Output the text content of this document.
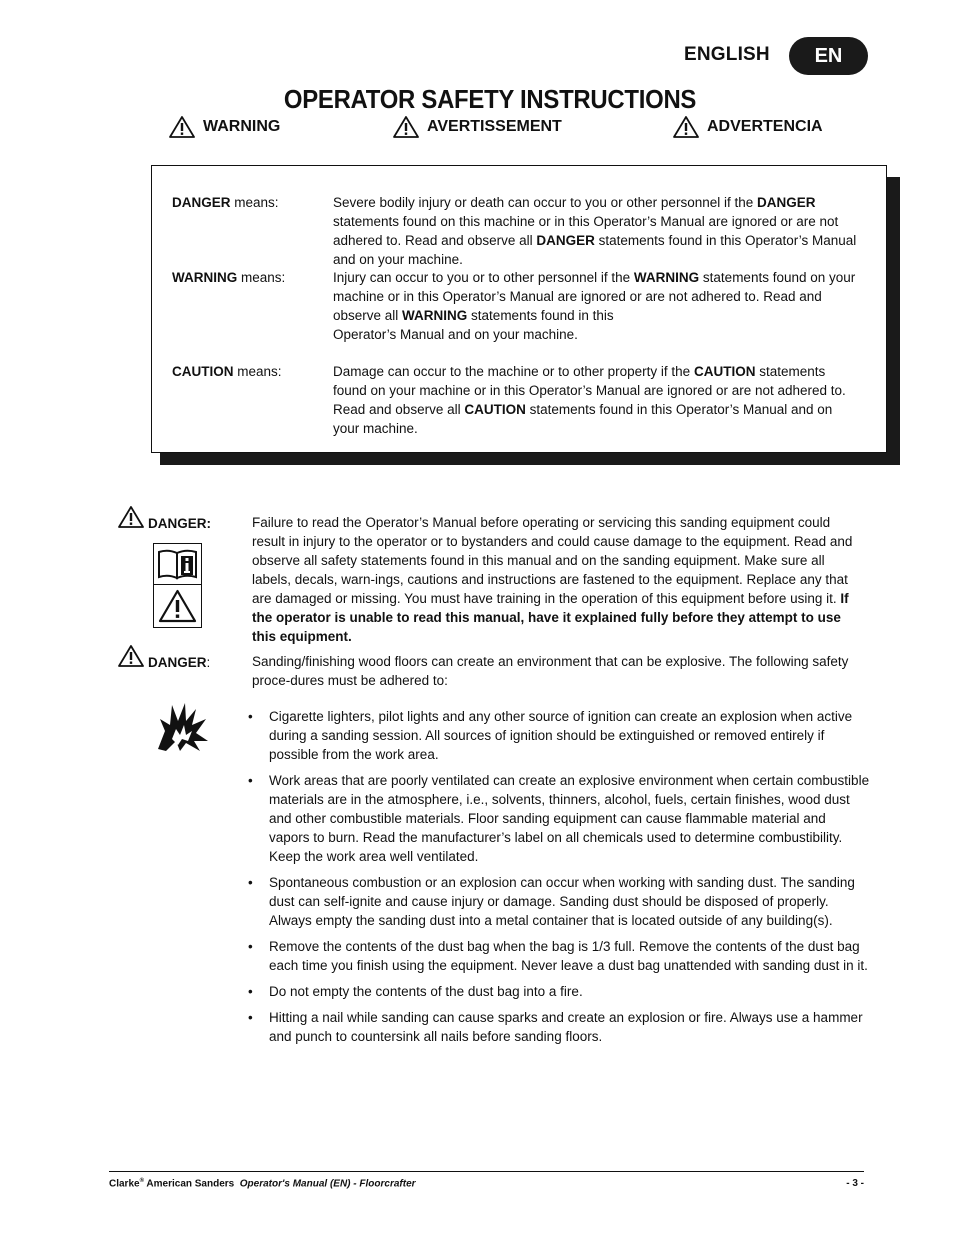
ENGLISH	EN
OPERATOR SAFETY INSTRUCTIONS
WARNING	AVERTISSEMENT	ADVERTENCIA
DANGER means:	Severe bodily injury or death can occur to you or other personnel if the DANGER statements found on this machine or in this Operator’s Manual are ignored or are not adhered to. Read and observe all DANGER statements found in this Operator’s Manual and on your machine.
WARNING means:	Injury can occur to you or to other personnel if the WARNING statements found on your machine or in this Operator’s Manual are ignored or are not adhered to. Read and observe all WARNING statements found in this
Operator’s Manual and on your machine.
CAUTION means:	Damage can occur to the machine or to other property if the CAUTION statements found on your machine or in this Operator’s Manual are ignored or are not adhered to. Read and observe all CAUTION statements found in this Operator’s Manual and on your machine.
DANGER:	Failure to read the Operator’s Manual before operating or servicing this sanding equipment could result in injury to the operator or to bystanders and could cause damage to the equipment. Read and observe all safety statements found in this manual and on the sanding equipment. Make sure all labels, decals, warn-ings, cautions and instructions are fastened to the equipment. Replace any that are damaged or missing. You must have training in the operation of this equipment before using it. If the operator is unable to read this manual, have it explained fully before they attempt to use this equipment.
DANGER:	Sanding/finishing wood floors can create an environment that can be explosive. The following safety proce-dures must be adhered to:
•	Cigarette lighters, pilot lights and any other source of ignition can create an explosion when active during a sanding session. All sources of ignition should be extinguished or removed entirely if possible from the work area.
•	Work areas that are poorly ventilated can create an explosive environment when certain combustible materials are in the atmosphere, i.e., solvents, thinners, alcohol, fuels, certain finishes, wood dust and other combustible materials. Floor sanding equipment can cause flammable material and vapors to burn. Read the manufacturer’s label on all chemicals used to determine combustibility. Keep the work area well ventilated.
•	Spontaneous combustion or an explosion can occur when working with sanding dust. The sanding dust can self-ignite and cause injury or damage. Sanding dust should be disposed of properly. Always empty the sanding dust into a metal container that is located outside of any building(s).
•	Remove the contents of the dust bag when the bag is 1/3 full. Remove the contents of the dust bag each time you finish using the equipment. Never leave a dust bag unattended with sanding dust in it.
•	Do not empty the contents of the dust bag into a fire.
•	Hitting a nail while sanding can cause sparks and create an explosion or fire. Always use a hammer and punch to countersink all nails before sanding floors.
Clarke® American Sanders  Operator's Manual (EN) - Floorcrafter	- 3 -
